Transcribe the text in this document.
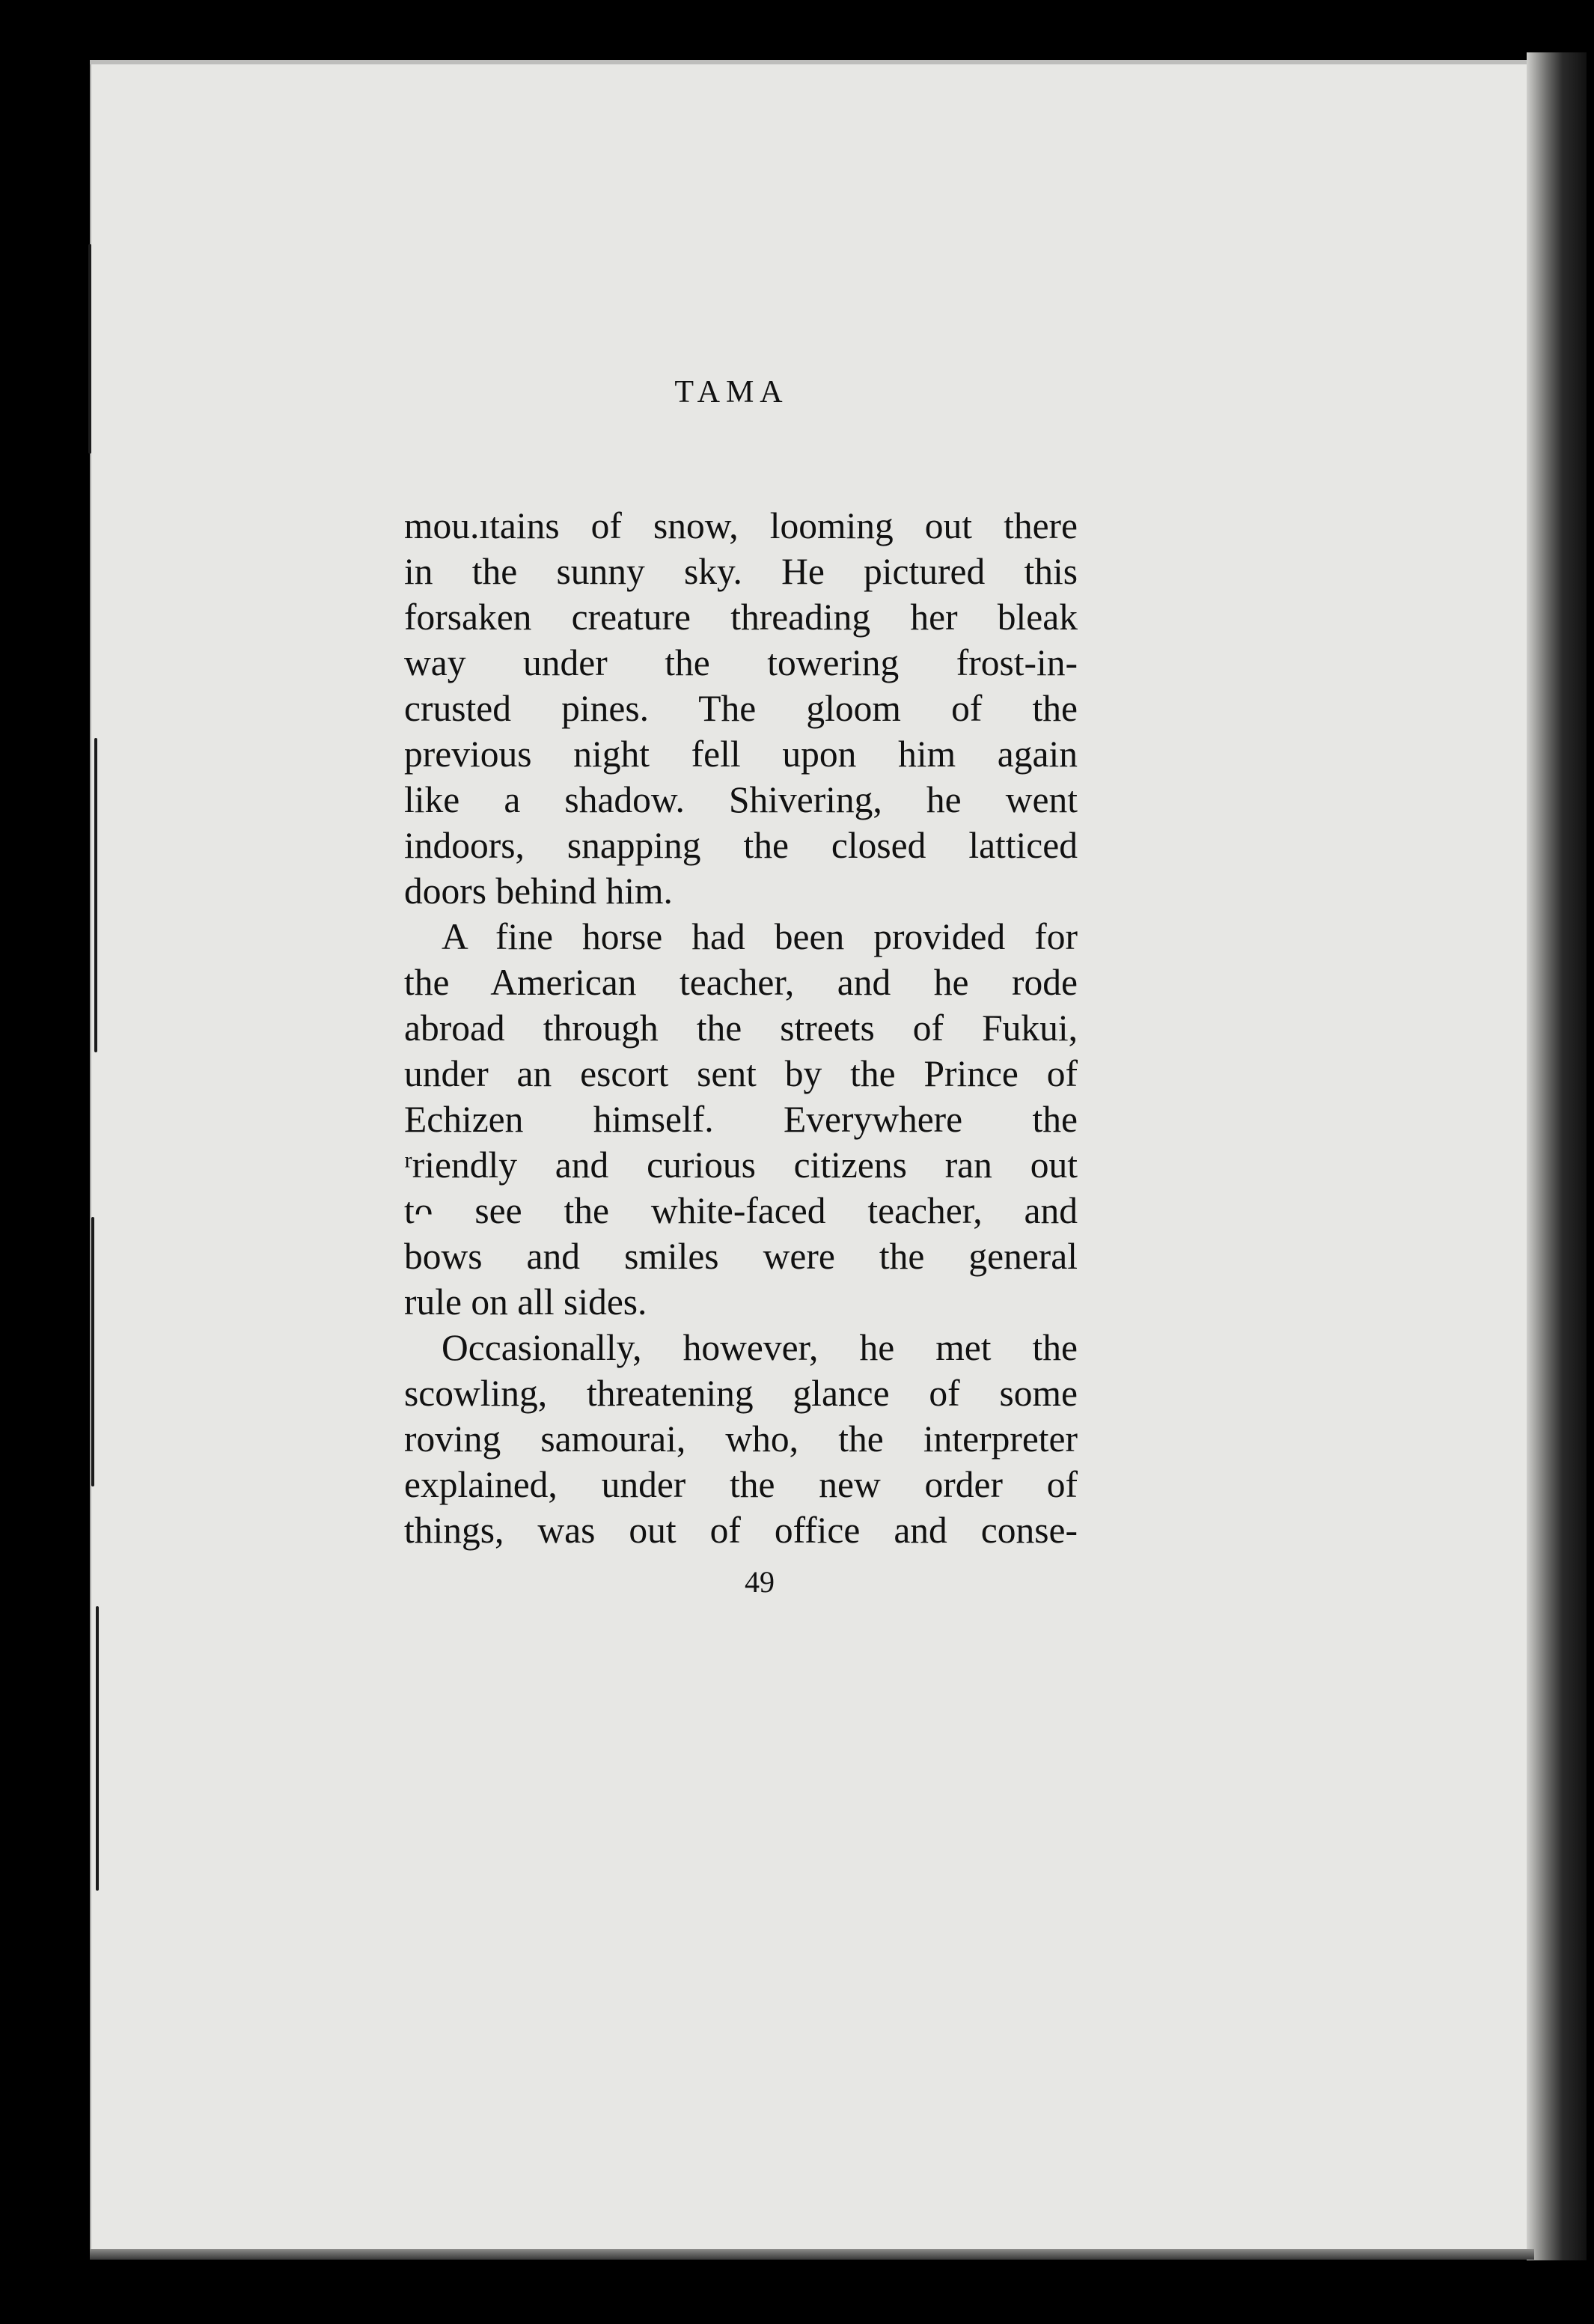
TAMA

mou.ıtains of snow, looming out there
in the sunny sky. He pictured this
forsaken creature threading her bleak
way under the towering frost-in-
crusted pines. The gloom of the
previous night fell upon him again
like a shadow. Shivering, he went
indoors, snapping the closed latticed
doors behind him.

A fine horse had been provided for
the American teacher, and he rode
abroad through the streets of Fukui,
under an escort sent by the Prince of
Echizen himself. Everywhere the
ʳriendly and curious citizens ran out
tᴖ see the white-faced teacher, and
bows and smiles were the general
rule on all sides.

Occasionally, however, he met the
scowling, threatening glance of some
roving samourai, who, the interpreter
explained, under the new order of
things, was out of office and conse-

49
